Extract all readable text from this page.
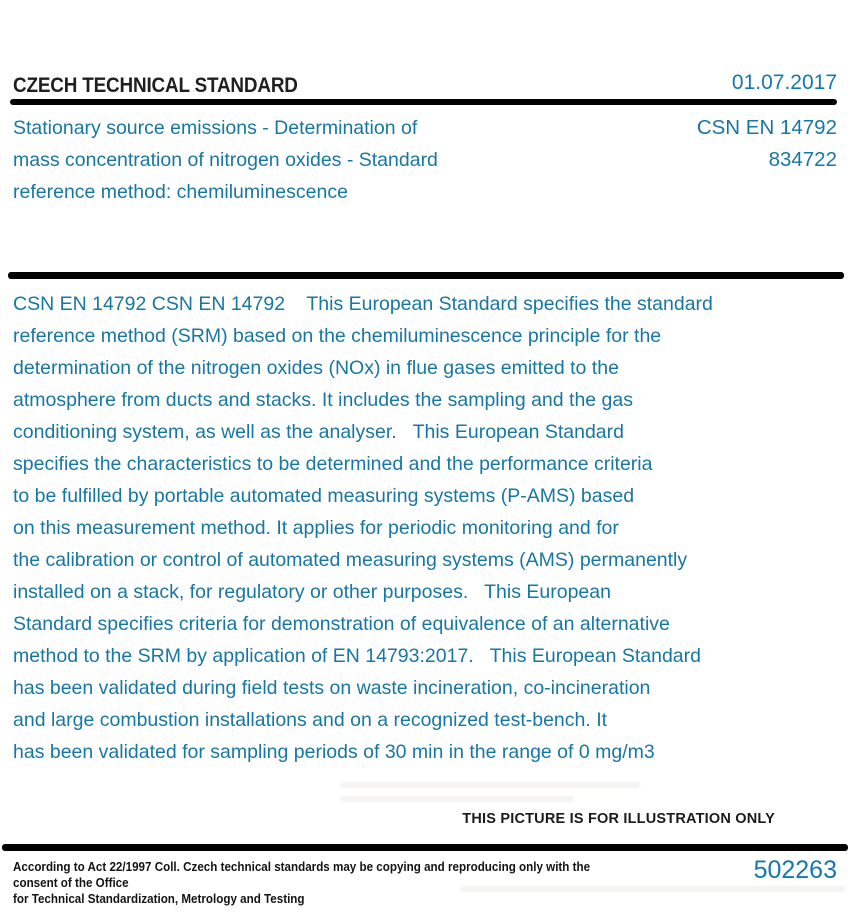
CZECH TECHNICAL STANDARD	01.07.2017
Stationary source emissions - Determination of
mass concentration of nitrogen oxides - Standard
reference method: chemiluminescence
CSN EN 14792
834722
CSN EN 14792 CSN EN 14792    This European Standard specifies the standard
reference method (SRM) based on the chemiluminescence principle for the
determination of the nitrogen oxides (NOx) in flue gases emitted to the
atmosphere from ducts and stacks. It includes the sampling and the gas
conditioning system, as well as the analyser.   This European Standard
specifies the characteristics to be determined and the performance criteria
to be fulfilled by portable automated measuring systems (P-AMS) based
on this measurement method. It applies for periodic monitoring and for
the calibration or control of automated measuring systems (AMS) permanently
installed on a stack, for regulatory or other purposes.   This European
Standard specifies criteria for demonstration of equivalence of an alternative
method to the SRM by application of EN 14793:2017.   This European Standard
has been validated during field tests on waste incineration, co-incineration
and large combustion installations and on a recognized test-bench. It
has been validated for sampling periods of 30 min in the range of 0 mg/m3
THIS PICTURE IS FOR ILLUSTRATION ONLY
According to Act 22/1997 Coll. Czech technical standards may be copying and reproducing only with the consent of the Office
for Technical Standardization, Metrology and Testing
502263
